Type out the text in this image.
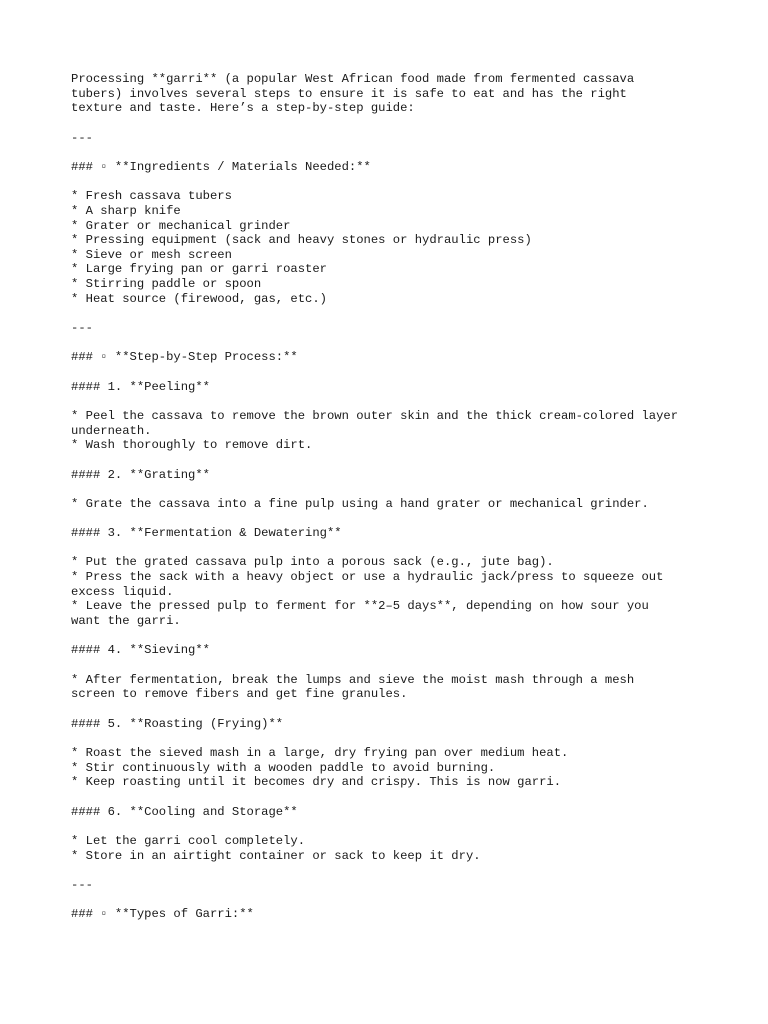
Processing **garri** (a popular West African food made from fermented cassava
tubers) involves several steps to ensure it is safe to eat and has the right
texture and taste. Here’s a step-by-step guide:
---
### ▫ **Ingredients / Materials Needed:**
* Fresh cassava tubers
* A sharp knife
* Grater or mechanical grinder
* Pressing equipment (sack and heavy stones or hydraulic press)
* Sieve or mesh screen
* Large frying pan or garri roaster
* Stirring paddle or spoon
* Heat source (firewood, gas, etc.)
---
### ▫ **Step-by-Step Process:**
#### 1. **Peeling**
* Peel the cassava to remove the brown outer skin and the thick cream-colored layer
underneath.
* Wash thoroughly to remove dirt.
#### 2. **Grating**
* Grate the cassava into a fine pulp using a hand grater or mechanical grinder.
#### 3. **Fermentation & Dewatering**
* Put the grated cassava pulp into a porous sack (e.g., jute bag).
* Press the sack with a heavy object or use a hydraulic jack/press to squeeze out
excess liquid.
* Leave the pressed pulp to ferment for **2–5 days**, depending on how sour you
want the garri.
#### 4. **Sieving**
* After fermentation, break the lumps and sieve the moist mash through a mesh
screen to remove fibers and get fine granules.
#### 5. **Roasting (Frying)**
* Roast the sieved mash in a large, dry frying pan over medium heat.
* Stir continuously with a wooden paddle to avoid burning.
* Keep roasting until it becomes dry and crispy. This is now garri.
#### 6. **Cooling and Storage**
* Let the garri cool completely.
* Store in an airtight container or sack to keep it dry.
---
### ▫ **Types of Garri:**
